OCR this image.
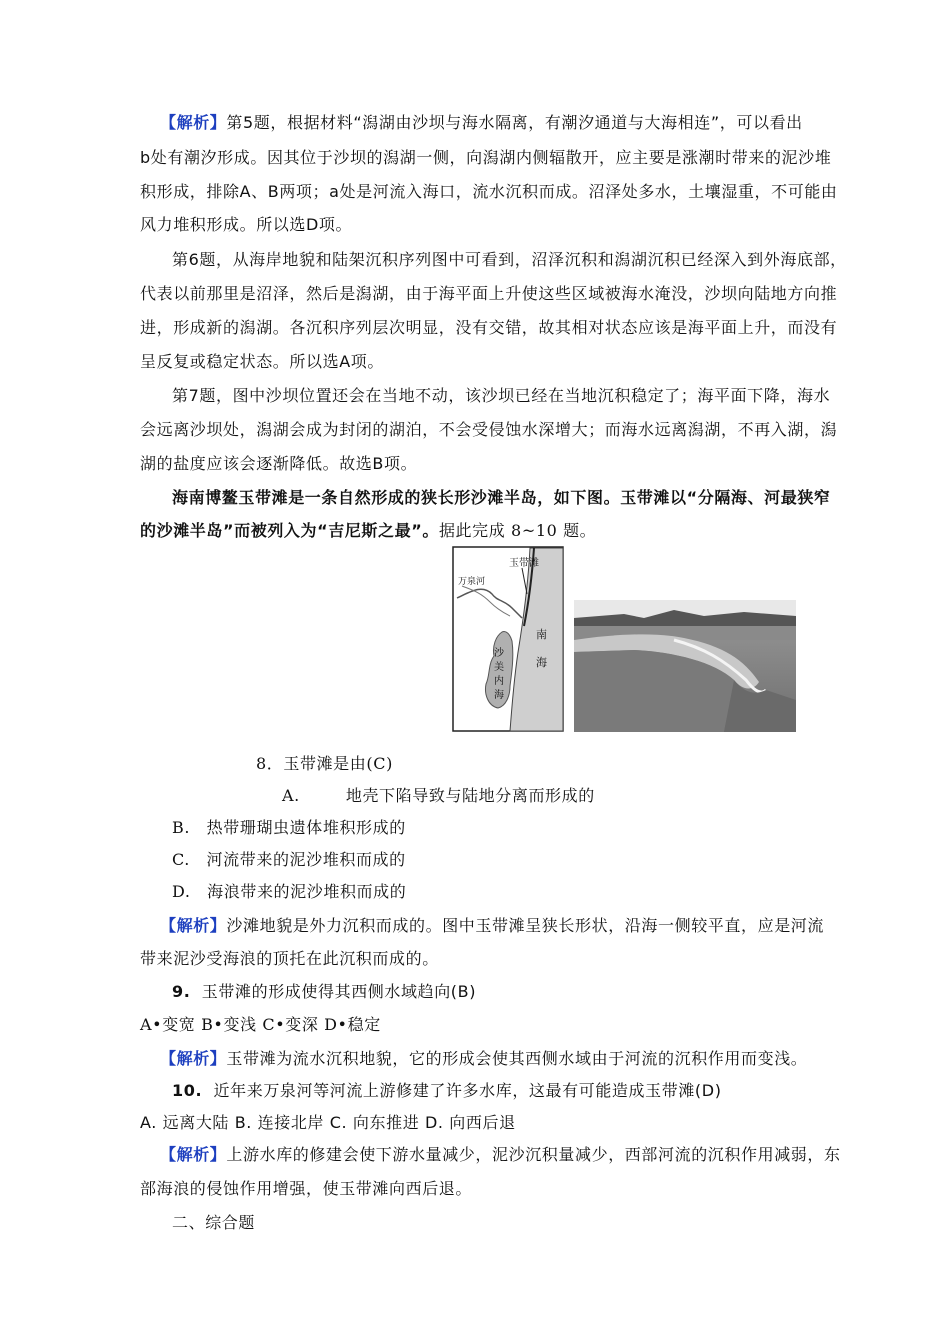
【解析】第5题，根据材料“潟湖由沙坝与海水隔离，有潮汐通道与大海相连”，可以看出
b处有潮汐形成。因其位于沙坝的潟湖一侧，向潟湖内侧辐散开，应主要是涨潮时带来的泥沙堆
积形成，排除A、B两项；a处是河流入海口，流水沉积而成。沼泽处多水，土壤湿重，不可能由
风力堆积形成。所以选D项。
第6题，从海岸地貌和陆架沉积序列图中可看到，沼泽沉积和潟湖沉积已经深入到外海底部，
代表以前那里是沼泽，然后是潟湖，由于海平面上升使这些区域被海水淹没，沙坝向陆地方向推
进，形成新的潟湖。各沉积序列层次明显，没有交错，故其相对状态应该是海平面上升，而没有
呈反复或稳定状态。所以选A项。
第7题，图中沙坝位置还会在当地不动，该沙坝已经在当地沉积稳定了；海平面下降，海水
会远离沙坝处，潟湖会成为封闭的湖泊，不会受侵蚀水深增大；而海水远离潟湖，不再入湖，潟
湖的盐度应该会逐渐降低。故选B项。
海南博鳌玉带滩是一条自然形成的狭长形沙滩半岛，如下图。玉带滩以“分隔海、河最狭窄
的沙滩半岛”而被列入为“吉尼斯之最”。据此完成 8~10 题。
玉带滩
万泉河
南
海
沙
美
内
海
8．玉带滩是由(C)
A.	地壳下陷导致与陆地分离而形成的
B.　热带珊瑚虫遗体堆积形成的
C.　河流带来的泥沙堆积而成的
D.　海浪带来的泥沙堆积而成的
【解析】沙滩地貌是外力沉积而成的。图中玉带滩呈狭长形状，沿海一侧较平直，应是河流
带来泥沙受海浪的顶托在此沉积而成的。
9. 玉带滩的形成使得其西侧水域趋向(B)
A•变宽 B•变浅 C•变深 D•稳定
【解析】玉带滩为流水沉积地貌，它的形成会使其西侧水域由于河流的沉积作用而变浅。
10. 近年来万泉河等河流上游修建了许多水库，这最有可能造成玉带滩(D)
A. 远离大陆 B. 连接北岸 C. 向东推进 D. 向西后退
【解析】上游水库的修建会使下游水量减少，泥沙沉积量减少，西部河流的沉积作用减弱，东
部海浪的侵蚀作用增强，使玉带滩向西后退。
二、综合题
